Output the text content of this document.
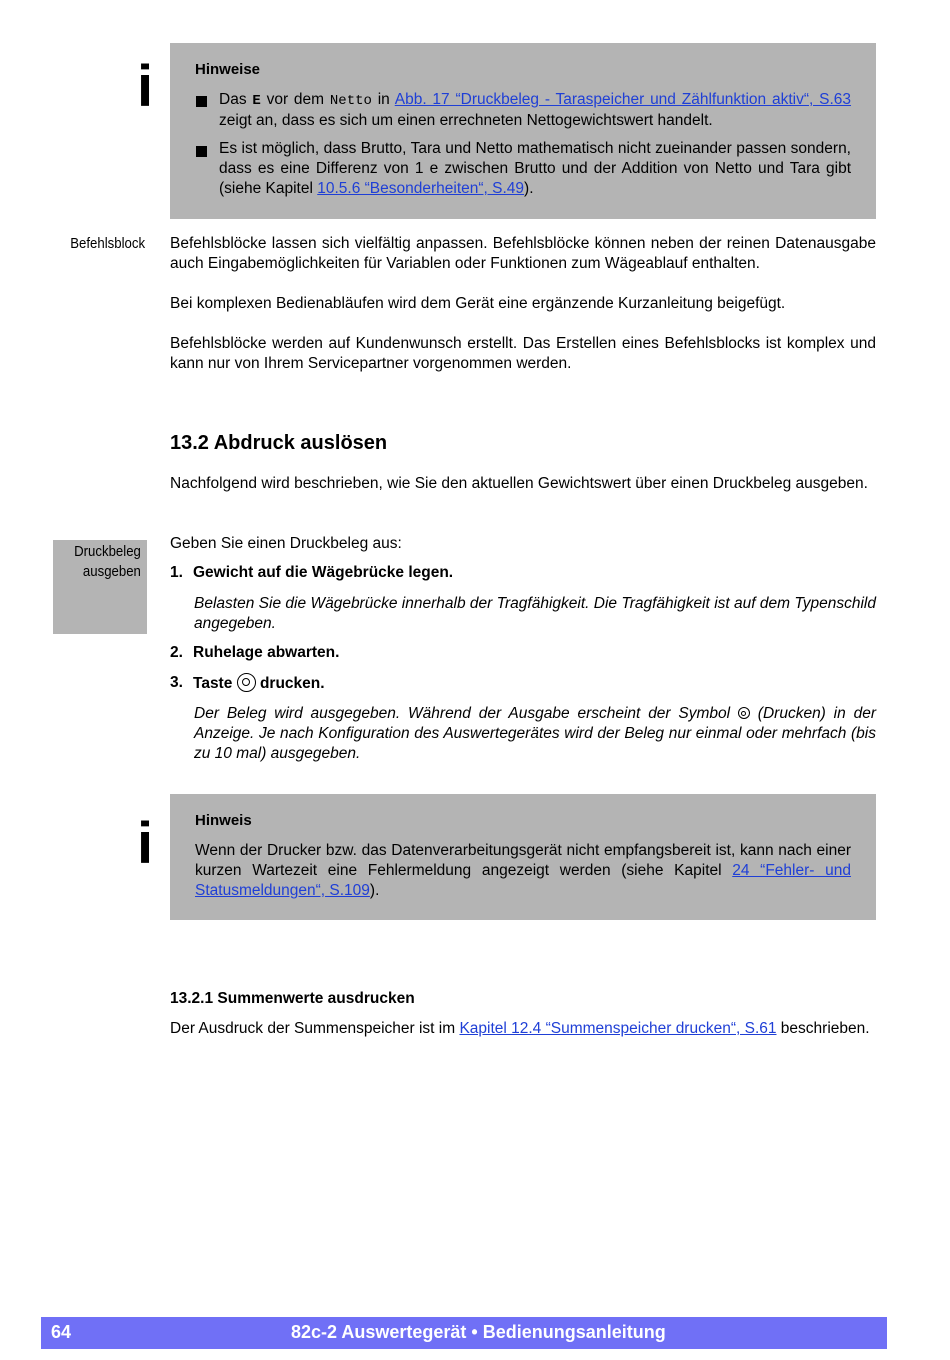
i	Hinweise
Das E vor dem Netto in Abb. 17 “Druckbeleg - Taraspeicher und Zählfunktion aktiv“, S.63 zeigt an, dass es sich um einen errechneten Nettogewichtswert handelt.
Es ist möglich, dass Brutto, Tara und Netto mathematisch nicht zueinander passen sondern, dass es eine Differenz von 1 e zwischen Brutto und der Addition von Netto und Tara gibt (siehe Kapitel 10.5.6 “Besonderheiten“, S.49).
Befehlsblock Befehlsblöcke lassen sich vielfältig anpassen. Befehlsblöcke können neben der reinen Datenausgabe auch Eingabemöglichkeiten für Variablen oder Funktionen zum Wägeablauf enthalten.
Bei komplexen Bedienabläufen wird dem Gerät eine ergänzende Kurzanleitung beigefügt.
Befehlsblöcke werden auf Kundenwunsch erstellt. Das Erstellen eines Befehlsblocks ist komplex und kann nur von Ihrem Servicepartner vorgenommen werden.
13.2 Abdruck auslösen
Nachfolgend wird beschrieben, wie Sie den aktuellen Gewichtswert über einen Druckbeleg ausgeben.
Druckbeleg
ausgeben
Geben Sie einen Druckbeleg aus:
1. Gewicht auf die Wägebrücke legen.
Belasten Sie die Wägebrücke innerhalb der Tragfähigkeit. Die Tragfähigkeit ist auf dem Typenschild angegeben.
2. Ruhelage abwarten.
3. Taste  drucken.
Der Beleg wird ausgegeben. Während der Ausgabe erscheint der Symbol  (Drucken) in der Anzeige. Je nach Konfiguration des Auswertegerätes wird der Beleg nur einmal oder mehrfach (bis zu 10 mal) ausgegeben.
i	Hinweis
Wenn der Drucker bzw. das Datenverarbeitungsgerät nicht empfangsbereit ist, kann nach einer kurzen Wartezeit eine Fehlermeldung angezeigt werden (siehe Kapitel 24 “Fehler- und Statusmeldungen“, S.109).
13.2.1 Summenwerte ausdrucken
Der Ausdruck der Summenspeicher ist im Kapitel 12.4 “Summenspeicher drucken“, S.61 beschrieben.
64	82c-2 Auswertegerät • Bedienungsanleitung
